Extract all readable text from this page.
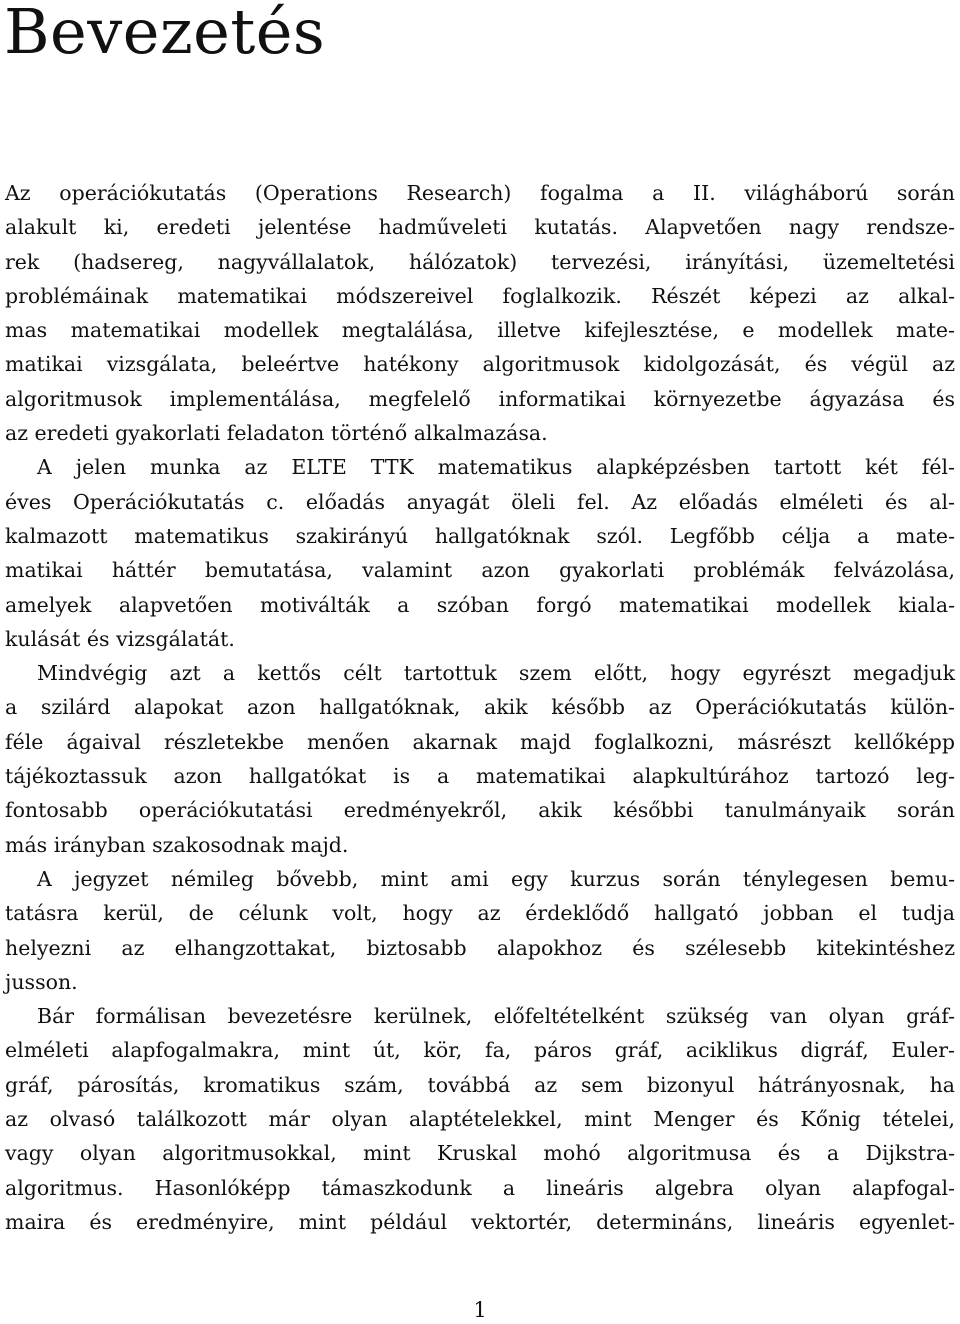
Bevezetés
Az operációkutatás (Operations Research) fogalma a II. világháború során
alakult ki, eredeti jelentése hadműveleti kutatás. Alapvetően nagy rendsze-
rek (hadsereg, nagyvállalatok, hálózatok) tervezési, irányítási, üzemeltetési
problémáinak matematikai módszereivel foglalkozik. Részét képezi az alkal-
mas matematikai modellek megtalálása, illetve kifejlesztése, e modellek mate-
matikai vizsgálata, beleértve hatékony algoritmusok kidolgozását, és végül az
algoritmusok implementálása, megfelelő informatikai környezetbe ágyazása és
az eredeti gyakorlati feladaton történő alkalmazása.
A jelen munka az ELTE TTK matematikus alapképzésben tartott két fél-
éves Operációkutatás c. előadás anyagát öleli fel. Az előadás elméleti és al-
kalmazott matematikus szakirányú hallgatóknak szól. Legfőbb célja a mate-
matikai háttér bemutatása, valamint azon gyakorlati problémák felvázolása,
amelyek alapvetően motiválták a szóban forgó matematikai modellek kiala-
kulását és vizsgálatát.
Mindvégig azt a kettős célt tartottuk szem előtt, hogy egyrészt megadjuk
a szilárd alapokat azon hallgatóknak, akik később az Operációkutatás külön-
féle ágaival részletekbe menően akarnak majd foglalkozni, másrészt kellőképp
tájékoztassuk azon hallgatókat is a matematikai alapkultúrához tartozó leg-
fontosabb operációkutatási eredményekről, akik későbbi tanulmányaik során
más irányban szakosodnak majd.
A jegyzet némileg bővebb, mint ami egy kurzus során ténylegesen bemu-
tatásra kerül, de célunk volt, hogy az érdeklődő hallgató jobban el tudja
helyezni az elhangzottakat, biztosabb alapokhoz és szélesebb kitekintéshez
jusson.
Bár formálisan bevezetésre kerülnek, előfeltételként szükség van olyan gráf-
elméleti alapfogalmakra, mint út, kör, fa, páros gráf, aciklikus digráf, Euler-
gráf, párosítás, kromatikus szám, továbbá az sem bizonyul hátrányosnak, ha
az olvasó találkozott már olyan alaptételekkel, mint Menger és Kőnig tételei,
vagy olyan algoritmusokkal, mint Kruskal mohó algoritmusa és a Dijkstra-
algoritmus. Hasonlóképp támaszkodunk a lineáris algebra olyan alapfogal-
maira és eredményire, mint például vektortér, determináns, lineáris egyenlet-
1
